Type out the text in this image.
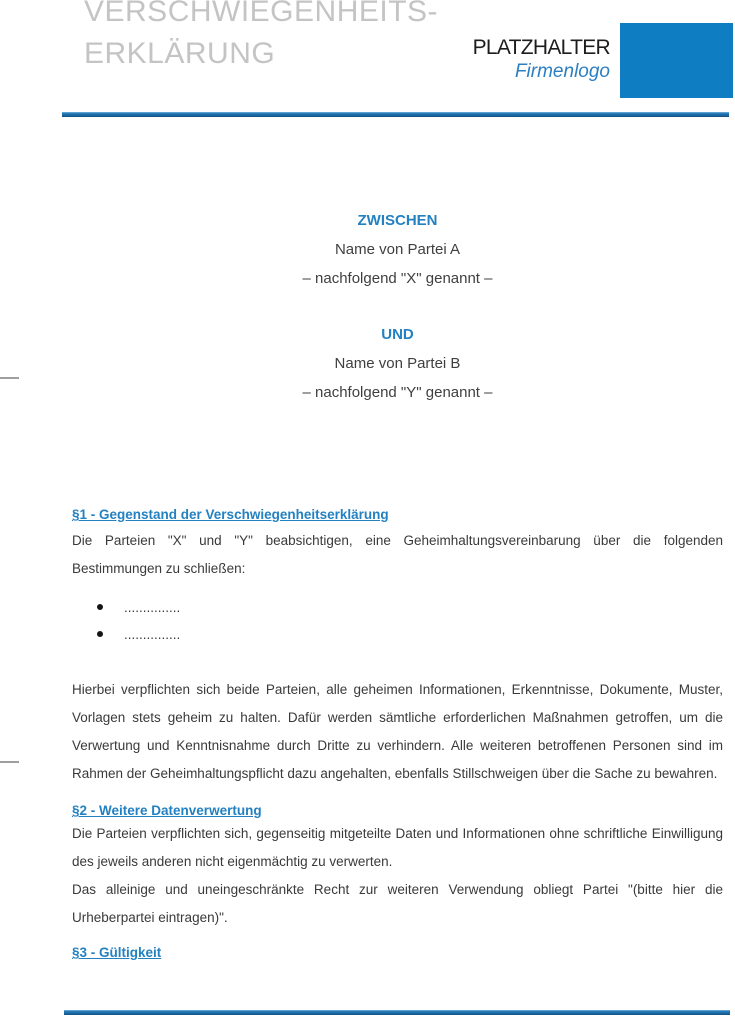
VERSCHWIEGENHEITS-
ERKLÄRUNG	PLATZHALTER
Firmenlogo
ZWISCHEN
Name von Partei A
– nachfolgend "X" genannt –
UND
Name von Partei B
– nachfolgend "Y" genannt –
§1 - Gegenstand der Verschwiegenheitserklärung

Die Parteien "X" und "Y" beabsichtigen, eine Geheimhaltungsvereinbarung über die folgenden Bestimmungen zu schließen:

...............
...............

Hierbei verpflichten sich beide Parteien, alle geheimen Informationen, Erkenntnisse, Dokumente, Muster, Vorlagen stets geheim zu halten. Dafür werden sämtliche erforderlichen Maßnahmen getroffen, um die Verwertung und Kenntnisnahme durch Dritte zu verhindern. Alle weiteren betroffenen Personen sind im Rahmen der Geheimhaltungspflicht dazu angehalten, ebenfalls Stillschweigen über die Sache zu bewahren.

§2 - Weitere Datenverwertung

Die Parteien verpflichten sich, gegenseitig mitgeteilte Daten und Informationen ohne schriftliche Einwilligung des jeweils anderen nicht eigenmächtig zu verwerten.

Das alleinige und uneingeschränkte Recht zur weiteren Verwendung obliegt Partei "(bitte hier die Urheberpartei eintragen)".

§3 - Gültigkeit
